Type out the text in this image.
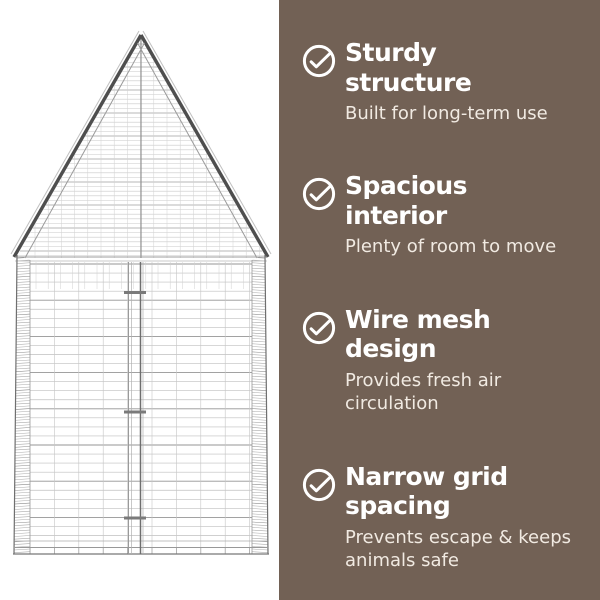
Sturdy structure
Built for long-term use
Spacious interior
Plenty of room to move
Wire mesh design
Provides fresh air circulation
Narrow grid spacing
Prevents escape & keeps animals safe
